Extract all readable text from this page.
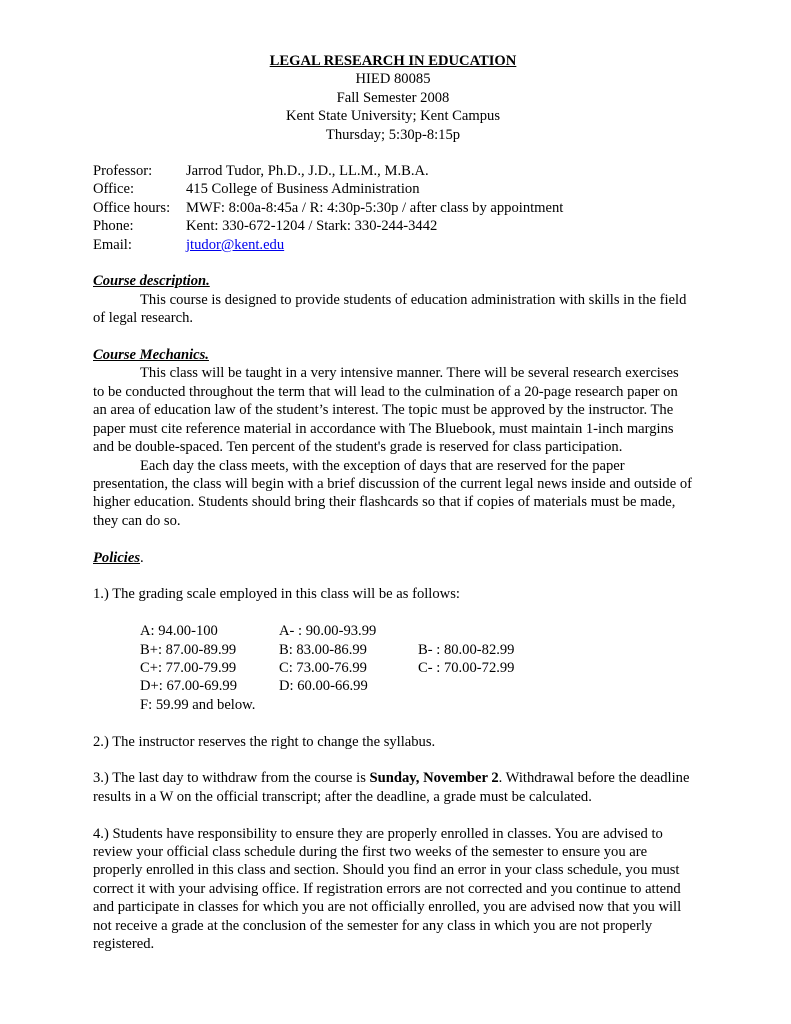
LEGAL RESEARCH IN EDUCATION
HIED 80085
Fall Semester 2008
Kent State University; Kent Campus
Thursday; 5:30p-8:15p
Professor:	Jarrod Tudor, Ph.D., J.D., LL.M., M.B.A.
Office:	415 College of Business Administration
Office hours:	MWF: 8:00a-8:45a / R: 4:30p-5:30p / after class by appointment
Phone:	Kent: 330-672-1204 / Stark: 330-244-3442
Email:	jtudor@kent.edu
Course description.

This course is designed to provide students of education administration with skills in the field of legal research.

Course Mechanics.

This class will be taught in a very intensive manner. There will be several research exercises to be conducted throughout the term that will lead to the culmination of a 20-page research paper on an area of education law of the student’s interest. The topic must be approved by the instructor. The paper must cite reference material in accordance with The Bluebook, must maintain 1-inch margins and be double-spaced. Ten percent of the student's grade is reserved for class participation.

Each day the class meets, with the exception of days that are reserved for the paper presentation, the class will begin with a brief discussion of the current legal news inside and outside of higher education. Students should bring their flashcards so that if copies of materials must be made, they can do so.

Policies.

1.) The grading scale employed in this class will be as follows:

A: 94.00-100	A- : 90.00-93.99
B+: 87.00-89.99	B: 83.00-86.99	B- : 80.00-82.99
C+: 77.00-79.99	C: 73.00-76.99	C- : 70.00-72.99
D+: 67.00-69.99	D: 60.00-66.99
F: 59.99 and below.

2.) The instructor reserves the right to change the syllabus.

3.) The last day to withdraw from the course is Sunday, November 2. Withdrawal before the deadline results in a W on the official transcript; after the deadline, a grade must be calculated.

4.) Students have responsibility to ensure they are properly enrolled in classes. You are advised to review your official class schedule during the first two weeks of the semester to ensure you are properly enrolled in this class and section. Should you find an error in your class schedule, you must correct it with your advising office. If registration errors are not corrected and you continue to attend and participate in classes for which you are not officially enrolled, you are advised now that you will not receive a grade at the conclusion of the semester for any class in which you are not properly registered.
